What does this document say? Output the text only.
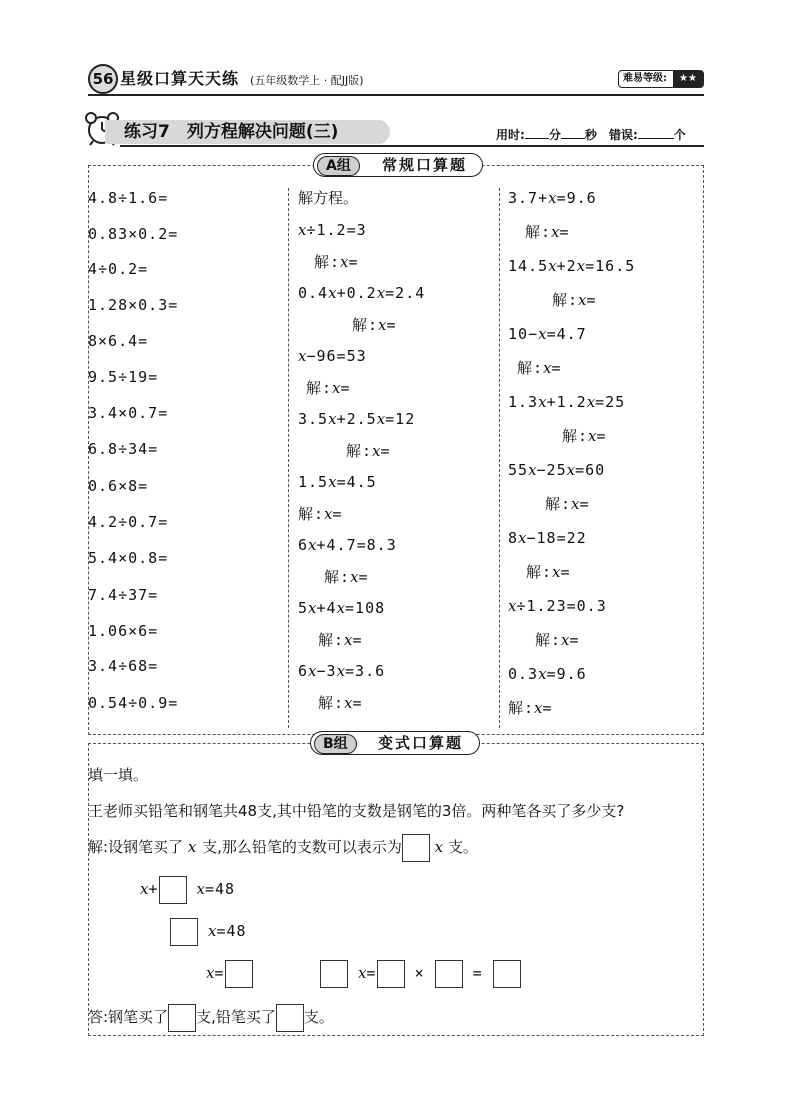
56 星级口算天天练 (五年级数学上 · 配JJ版)	难易等级:	★★
练习7　列方程解决问题(三)	用时: 分 秒 错误:	个
A组	常规口算题
4.8÷1.6=
0.83×0.2=
4÷0.2=
1.28×0.3=
8×6.4=
9.5÷19=
3.4×0.7=
6.8÷34=
0.6×8=
4.2÷0.7=
5.4×0.8=
7.4÷37=
1.06×6=
3.4÷68=
0.54÷0.9=
解方程。
x÷1.2=3
解:x=
0.4x+0.2x=2.4
解:x=
x−96=53
解:x=
3.5x+2.5x=12
解:x=
1.5x=4.5
解:x=
6x+4.7=8.3
解:x=
5x+4x=108
解:x=
6x−3x=3.6
解:x=
3.7+x=9.6
解:x=
14.5x+2x=16.5
解:x=
10−x=4.7
解:x=
1.3x+1.2x=25
解:x=
55x−25x=60
解:x=
8x−18=22
解:x=
x÷1.23=0.3
解:x=
0.3x=9.6
解:x=
B组	变式口算题
填一填。
王老师买铅笔和钢笔共48支,其中铅笔的支数是钢笔的3倍。两种笔各买了多少支?
解:设钢笔买了 x 支,那么铅笔的支数可以表示为 x 支。
x+	x=48
x=48
x=	x=	×	=
答:钢笔买了 支,铅笔买了 支。
